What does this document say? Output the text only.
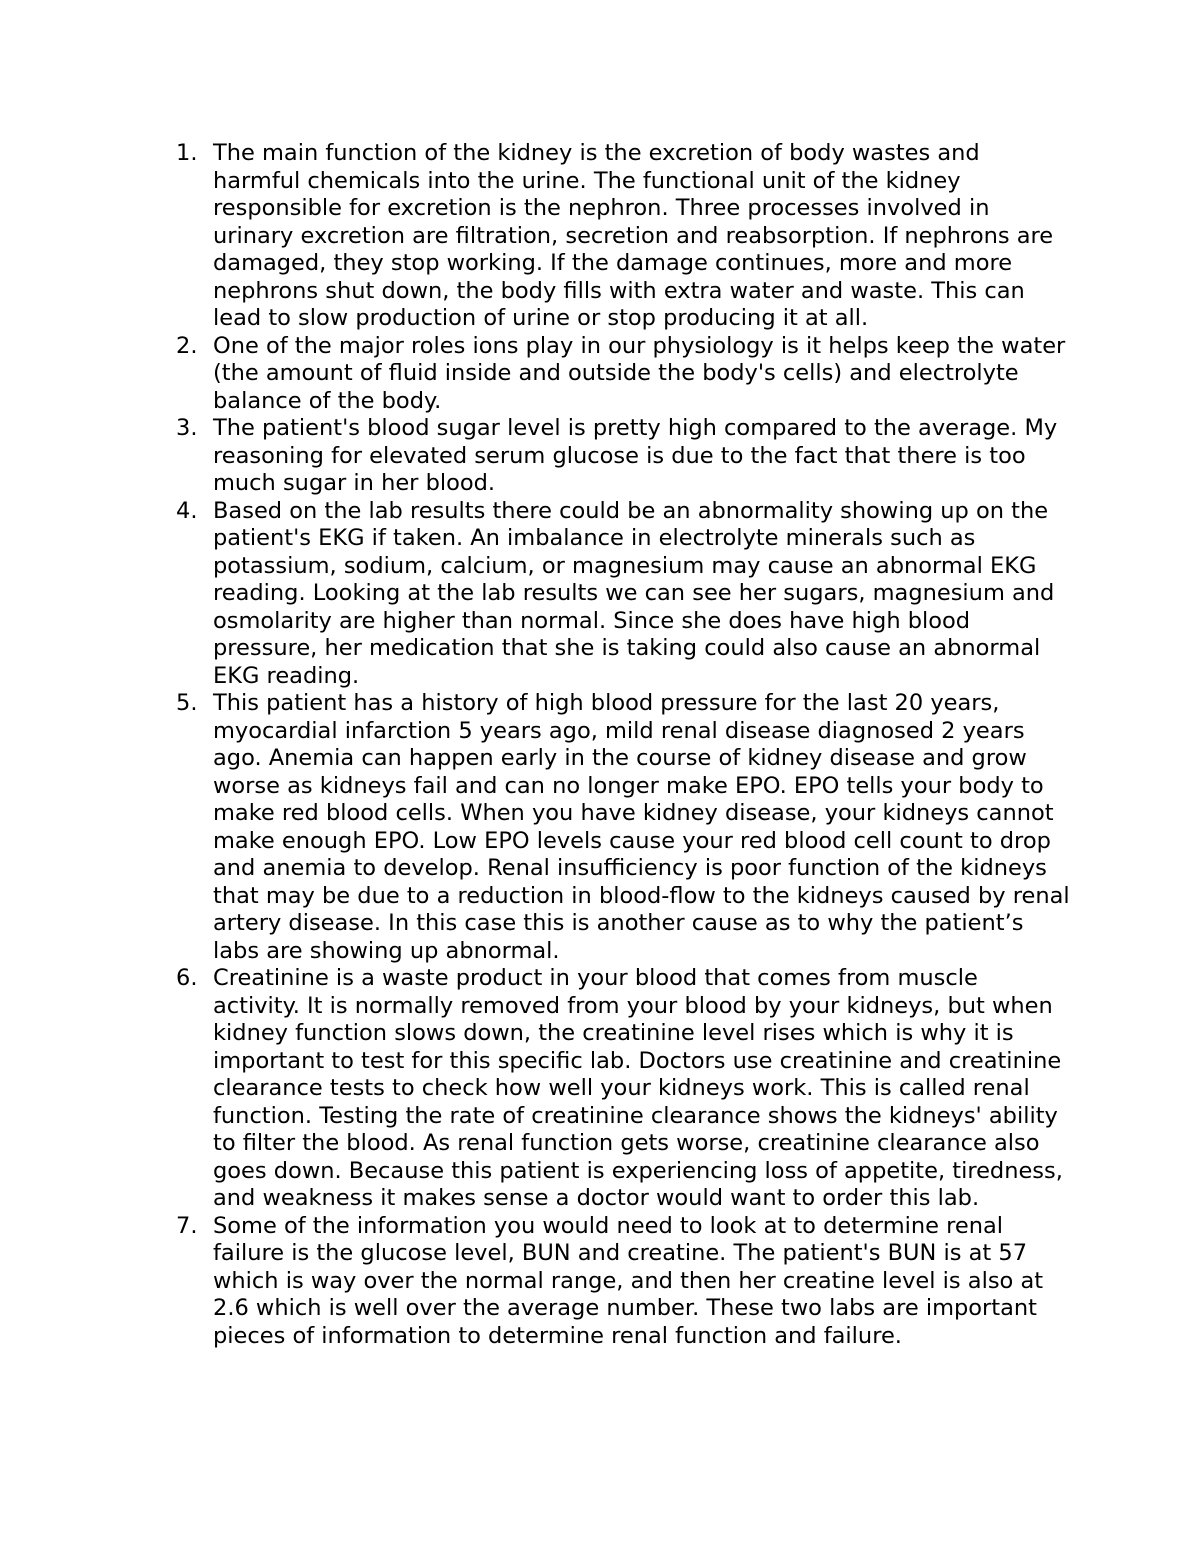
1. The main function of the kidney is the excretion of body wastes and harmful chemicals into the urine. The functional unit of the kidney responsible for excretion is the nephron. Three processes involved in urinary excretion are filtration, secretion and reabsorption. If nephrons are damaged, they stop working. If the damage continues, more and more nephrons shut down, the body fills with extra water and waste. This can lead to slow production of urine or stop producing it at all.
2. One of the major roles ions play in our physiology is it helps keep the water (the amount of fluid inside and outside the body's cells) and electrolyte balance of the body.
3. The patient's blood sugar level is pretty high compared to the average. My reasoning for elevated serum glucose is due to the fact that there is too much sugar in her blood.
4. Based on the lab results there could be an abnormality showing up on the patient's EKG if taken. An imbalance in electrolyte minerals such as potassium, sodium, calcium, or magnesium may cause an abnormal EKG reading. Looking at the lab results we can see her sugars, magnesium and osmolarity are higher than normal. Since she does have high blood pressure, her medication that she is taking could also cause an abnormal EKG reading.
5. This patient has a history of high blood pressure for the last 20 years, myocardial infarction 5 years ago, mild renal disease diagnosed 2 years ago. Anemia can happen early in the course of kidney disease and grow worse as kidneys fail and can no longer make EPO. EPO tells your body to make red blood cells. When you have kidney disease, your kidneys cannot make enough EPO. Low EPO levels cause your red blood cell count to drop and anemia to develop. Renal insufficiency is poor function of the kidneys that may be due to a reduction in blood-flow to the kidneys caused by renal artery disease. In this case this is another cause as to why the patient’s labs are showing up abnormal.
6. Creatinine is a waste product in your blood that comes from muscle activity. It is normally removed from your blood by your kidneys, but when kidney function slows down, the creatinine level rises which is why it is important to test for this specific lab. Doctors use creatinine and creatinine clearance tests to check how well your kidneys work. This is called renal function. Testing the rate of creatinine clearance shows the kidneys' ability to filter the blood. As renal function gets worse, creatinine clearance also goes down. Because this patient is experiencing loss of appetite, tiredness, and weakness it makes sense a doctor would want to order this lab.
7. Some of the information you would need to look at to determine renal failure is the glucose level, BUN and creatine. The patient's BUN is at 57 which is way over the normal range, and then her creatine level is also at 2.6 which is well over the average number. These two labs are important pieces of information to determine renal function and failure.
